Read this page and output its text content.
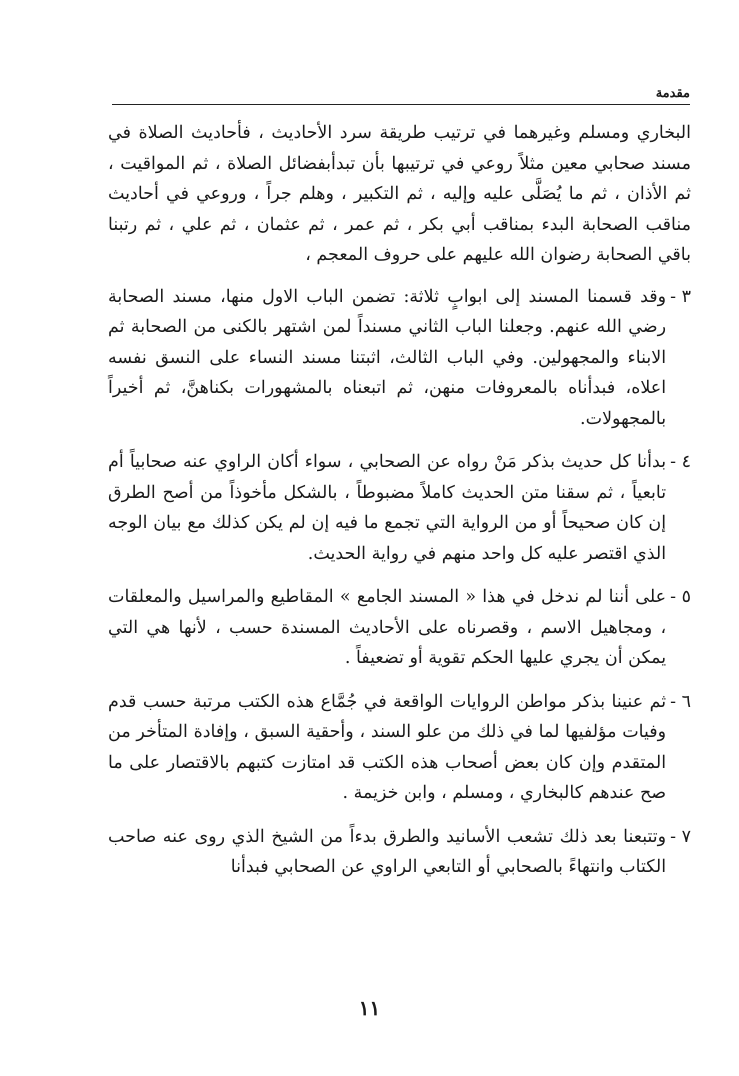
مقدمة

البخاري ومسلم وغيرهما في ترتيب طريقة سرد الأحاديث ، فأحاديث الصلاة في مسند صحابي معين مثلاً روعي في ترتيبها بأن تبدأبفضائل الصلاة ، ثم المواقيت ، ثم الأذان ، ثم ما يُصَلَّى عليه وإليه ، ثم التكبير ، وهلم جراً ، وروعي في أحاديث مناقب الصحابة البدء بمناقب أبي بكر ، ثم عمر ، ثم عثمان ، ثم علي ، ثم رتبنا باقي الصحابة رضوان الله عليهم على حروف المعجم ،

٣ -

وقد قسمنا المسند إلى ابوابٍ ثلاثة: تضمن الباب الاول منها، مسند الصحابة رضي الله عنهم. وجعلنا الباب الثاني مسنداً لمن اشتهر بالكنى من الصحابة ثم الابناء والمجهولين. وفي الباب الثالث، اثبتنا مسند النساء على النسق نفسه اعلاه، فبدأناه بالمعروفات منهن، ثم اتبعناه بالمشهورات بكناهنَّ، ثم أخيراً بالمجهولات.

٤ -

بدأنا كل حديث بذكر مَنْ رواه عن الصحابي ، سواء أكان الراوي عنه صحابياً أم تابعياً ، ثم سقنا متن الحديث كاملاً مضبوطاً ، بالشكل مأخوذاً من أصح الطرق إن كان صحيحاً أو من الرواية التي تجمع ما فيه إن لم يكن كذلك مع بيان الوجه الذي اقتصر عليه كل واحد منهم في رواية الحديث.

٥ -

على أننا لم ندخل في هذا « المسند الجامع » المقاطيع والمراسيل والمعلقات ، ومجاهيل الاسم ، وقصرناه على الأحاديث المسندة حسب ، لأنها هي التي يمكن أن يجري عليها الحكم تقوية أو تضعيفاً .

٦ -

ثم عنينا بذكر مواطن الروايات الواقعة في جُمَّاع هذه الكتب مرتبة حسب قدم وفيات مؤلفيها لما في ذلك من علو السند ، وأحقية السبق ، وإفادة المتأخر من المتقدم وإن كان بعض أصحاب هذه الكتب قد امتازت كتبهم بالاقتصار على ما صح عندهم كالبخاري ، ومسلم ، وابن خزيمة .

٧ -

وتتبعنا بعد ذلك تشعب الأسانيد والطرق بدءاً من الشيخ الذي روى عنه صاحب الكتاب وانتهاءً بالصحابي أو التابعي الراوي عن الصحابي فبدأنا

١١
